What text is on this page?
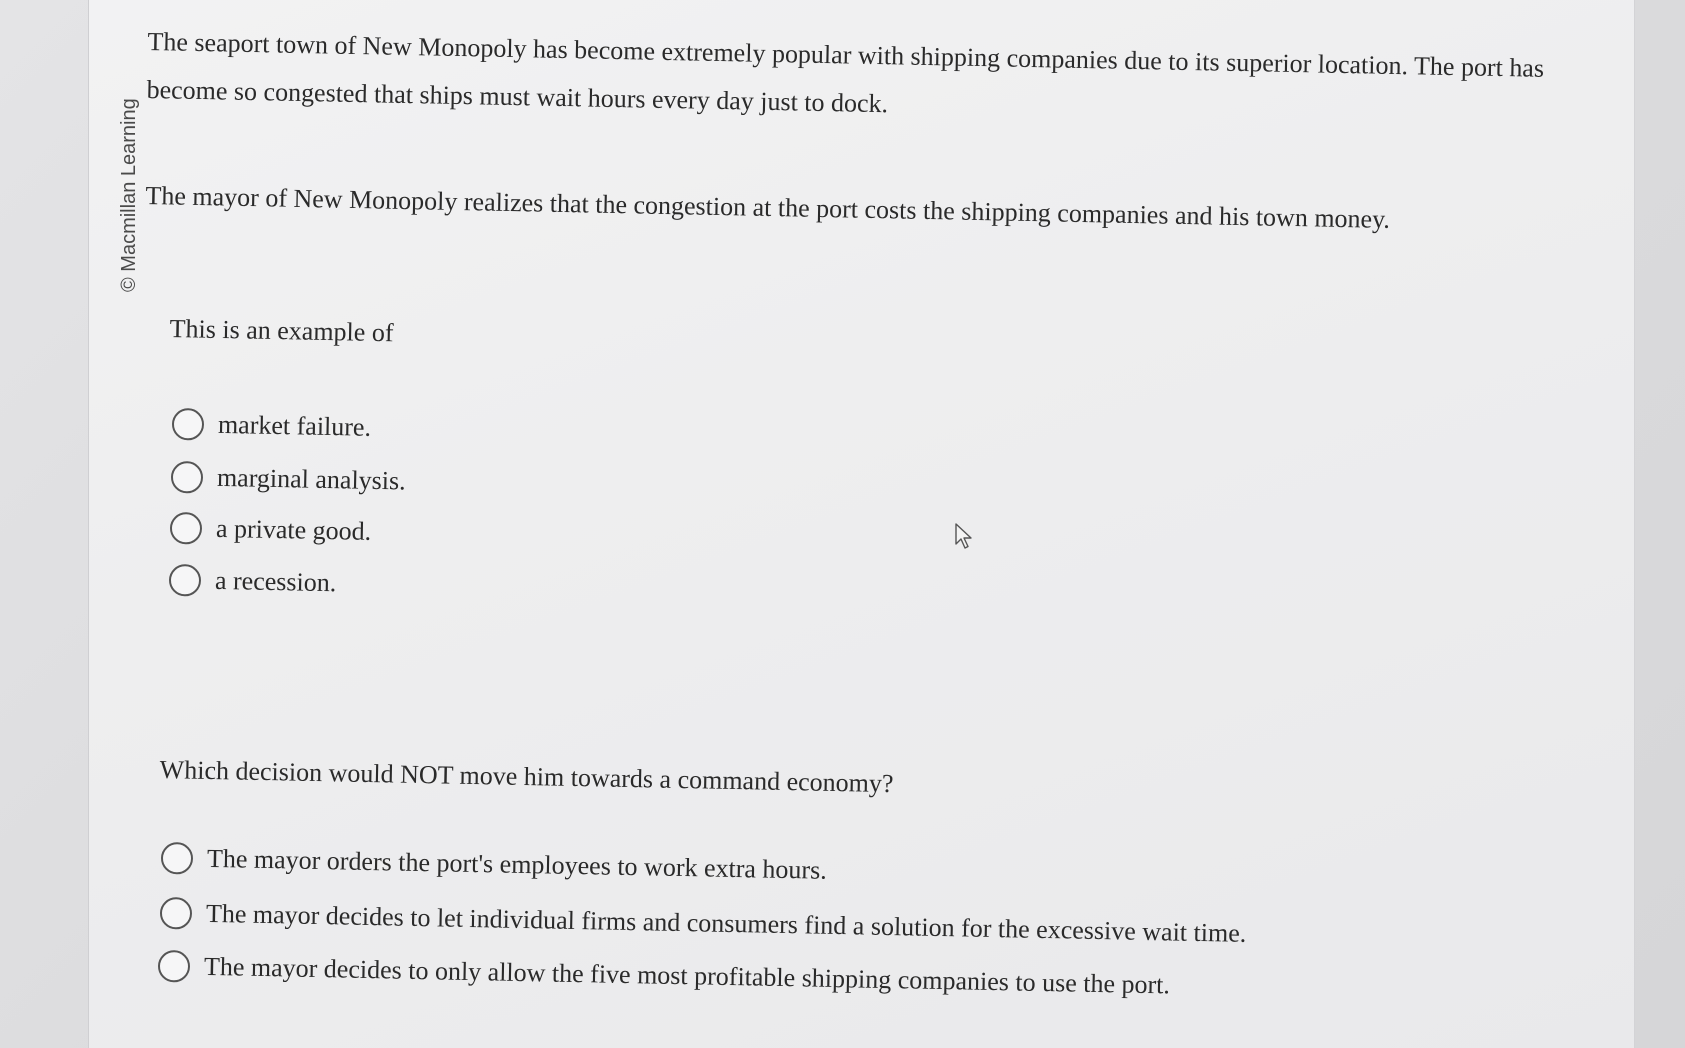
© Macmillan Learning
The seaport town of New Monopoly has become extremely popular with shipping companies due to its superior location. The port has become so congested that ships must wait hours every day just to dock.
The mayor of New Monopoly realizes that the congestion at the port costs the shipping companies and his town money.
This is an example of
market failure.
marginal analysis.
a private good.
a recession.
Which decision would NOT move him towards a command economy?
The mayor orders the port's employees to work extra hours.
The mayor decides to let individual firms and consumers find a solution for the excessive wait time.
The mayor decides to only allow the five most profitable shipping companies to use the port.
